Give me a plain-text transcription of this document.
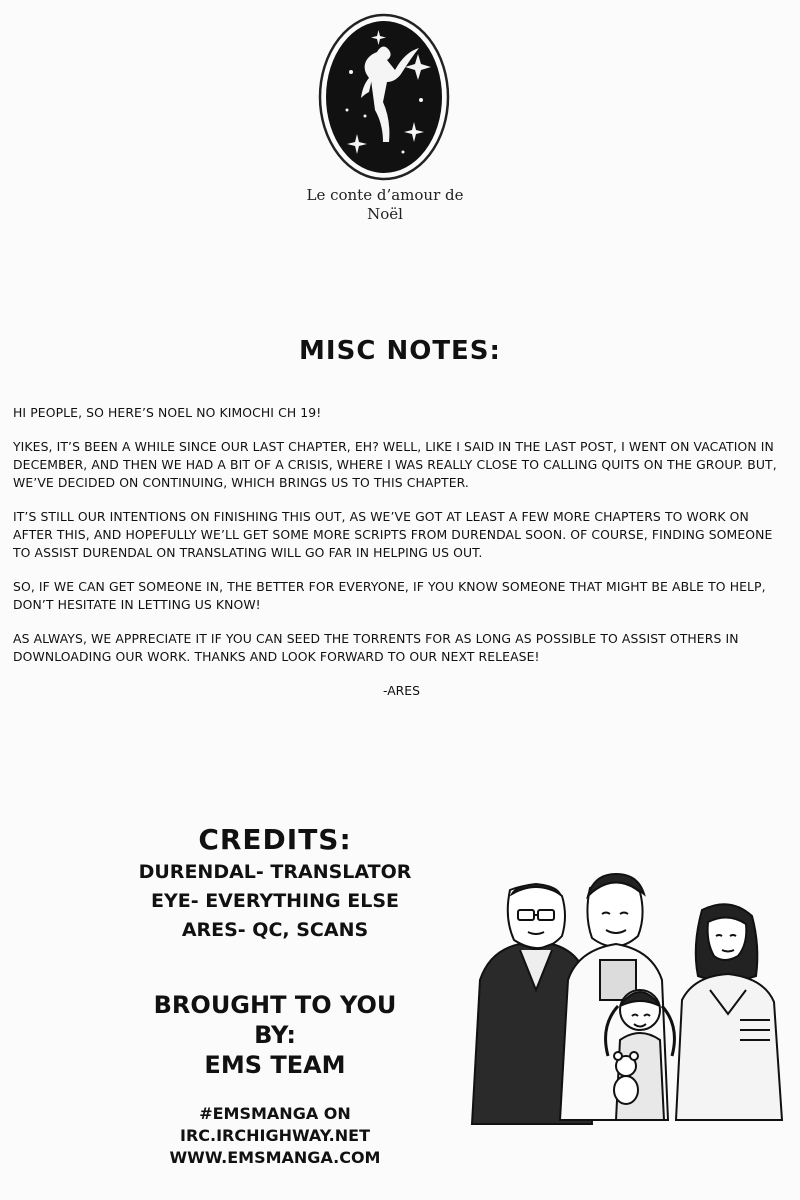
Le conte d’amour de
Noël
MISC NOTES:

HI PEOPLE, SO HERE’S NOEL NO KIMOCHI CH 19!

YIKES, IT’S BEEN A WHILE SINCE OUR LAST CHAPTER, EH? WELL, LIKE I SAID IN THE LAST POST, I WENT ON VACATION IN DECEMBER, AND THEN WE HAD A BIT OF A CRISIS, WHERE I WAS REALLY CLOSE TO CALLING QUITS ON THE GROUP. BUT, WE’VE DECIDED ON CONTINUING, WHICH BRINGS US TO THIS CHAPTER.

IT’S STILL OUR INTENTIONS ON FINISHING THIS OUT, AS WE’VE GOT AT LEAST A FEW MORE CHAPTERS TO WORK ON AFTER THIS, AND HOPEFULLY WE’LL GET SOME MORE SCRIPTS FROM DURENDAL SOON. OF COURSE, FINDING SOMEONE TO ASSIST DURENDAL ON TRANSLATING WILL GO FAR IN HELPING US OUT.

SO, IF WE CAN GET SOMEONE IN, THE BETTER FOR EVERYONE, IF YOU KNOW SOMEONE THAT MIGHT BE ABLE TO HELP, DON’T HESITATE IN LETTING US KNOW!

AS ALWAYS, WE APPRECIATE IT IF YOU CAN SEED THE TORRENTS FOR AS LONG AS POSSIBLE TO ASSIST OTHERS IN DOWNLOADING OUR WORK. THANKS AND LOOK FORWARD TO OUR NEXT RELEASE!

-ARES
CREDITS:
DURENDAL- TRANSLATOR
EYE- EVERYTHING ELSE
ARES- QC, SCANS
BROUGHT TO YOU
BY:
EMS TEAM
#EMSMANGA ON
IRC.IRCHIGHWAY.NET
WWW.EMSMANGA.COM
